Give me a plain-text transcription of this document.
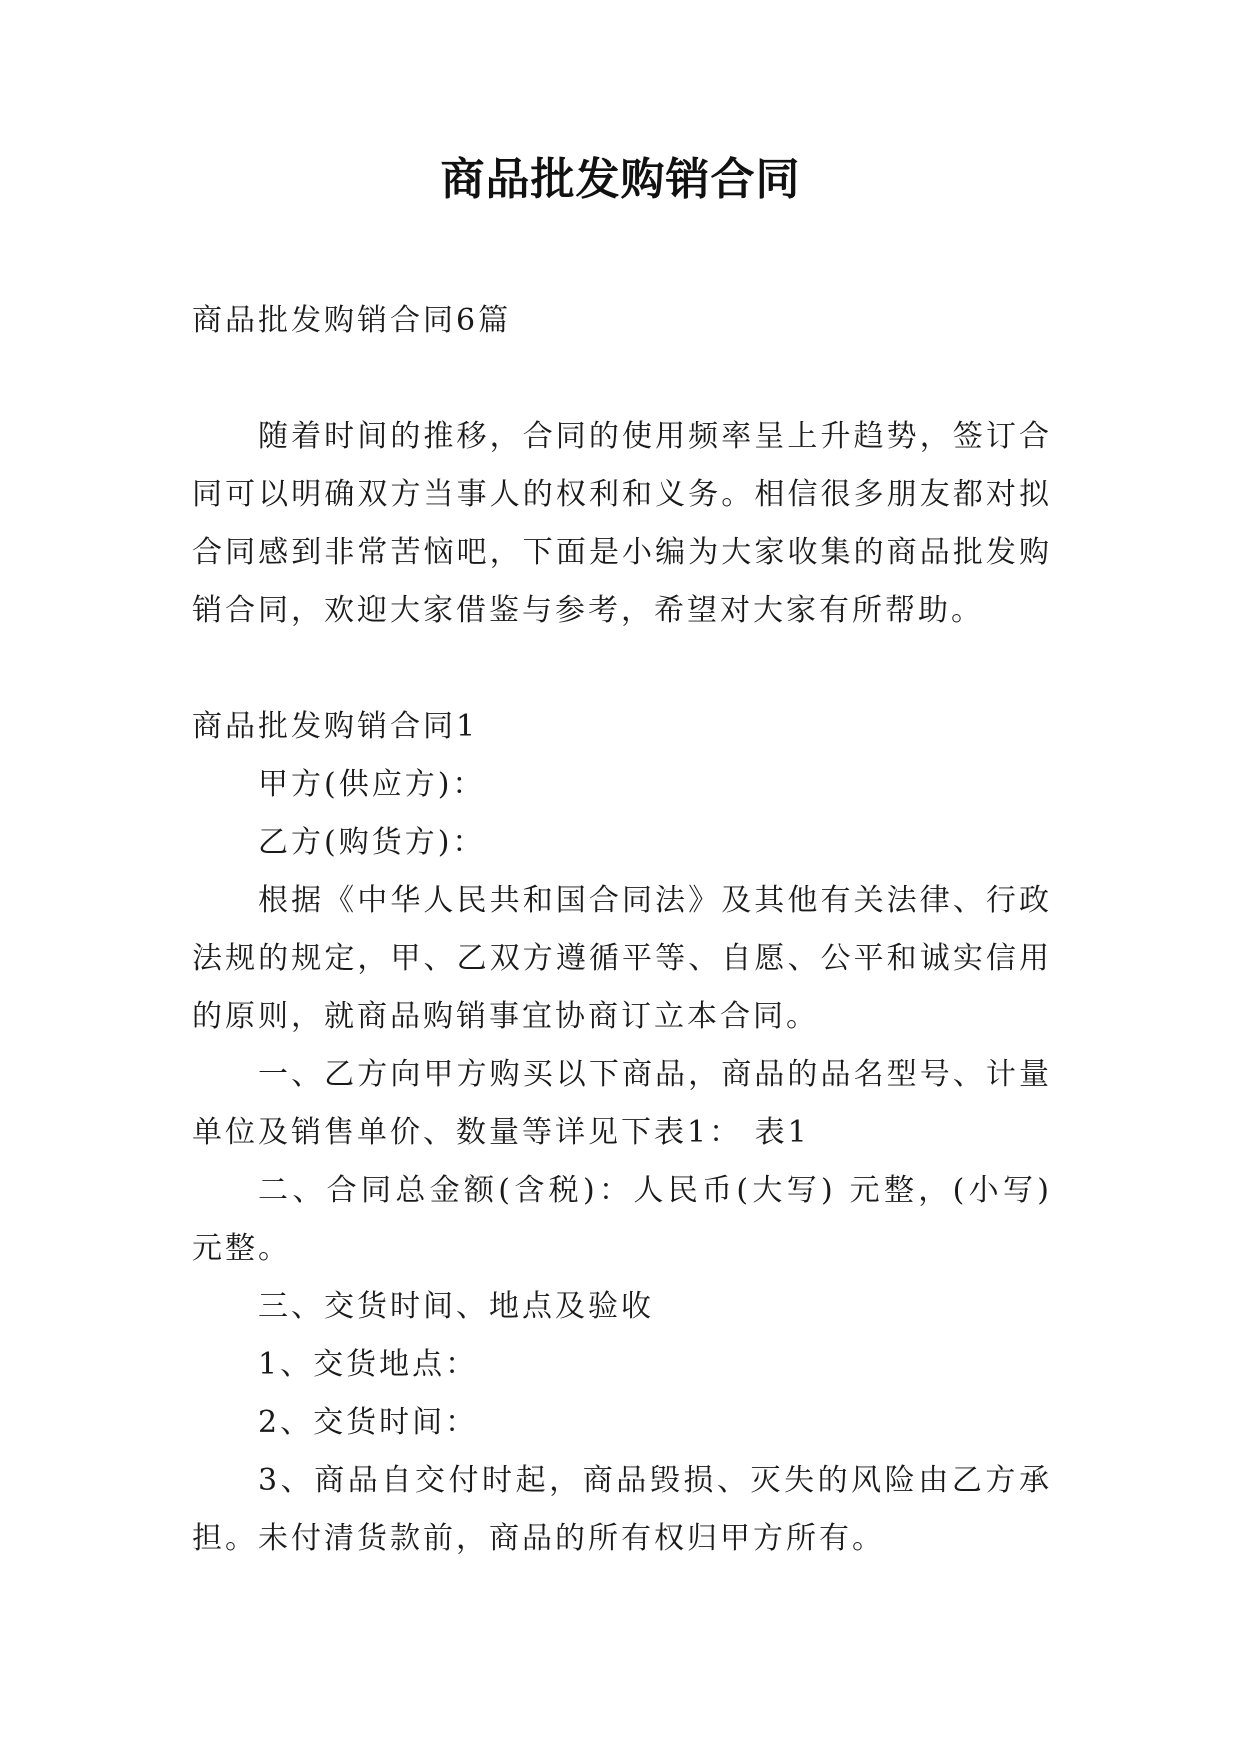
商品批发购销合同

商品批发购销合同6篇

随着时间的推移，合同的使用频率呈上升趋势，签订合同可以明确双方当事人的权利和义务。相信很多朋友都对拟合同感到非常苦恼吧，下面是小编为大家收集的商品批发购销合同，欢迎大家借鉴与参考，希望对大家有所帮助。

商品批发购销合同1

甲方(供应方)：

乙方(购货方)：

根据《中华人民共和国合同法》及其他有关法律、行政法规的规定，甲、乙双方遵循平等、自愿、公平和诚实信用的原则，就商品购销事宜协商订立本合同。

一、乙方向甲方购买以下商品，商品的品名型号、计量单位及销售单价、数量等详见下表1： 表1

二、合同总金额(含税)：人民币(大写) 元整，(小写) 元整。

三、交货时间、地点及验收

1、交货地点：

2、交货时间：

3、商品自交付时起，商品毁损、灭失的风险由乙方承担。未付清货款前，商品的所有权归甲方所有。
